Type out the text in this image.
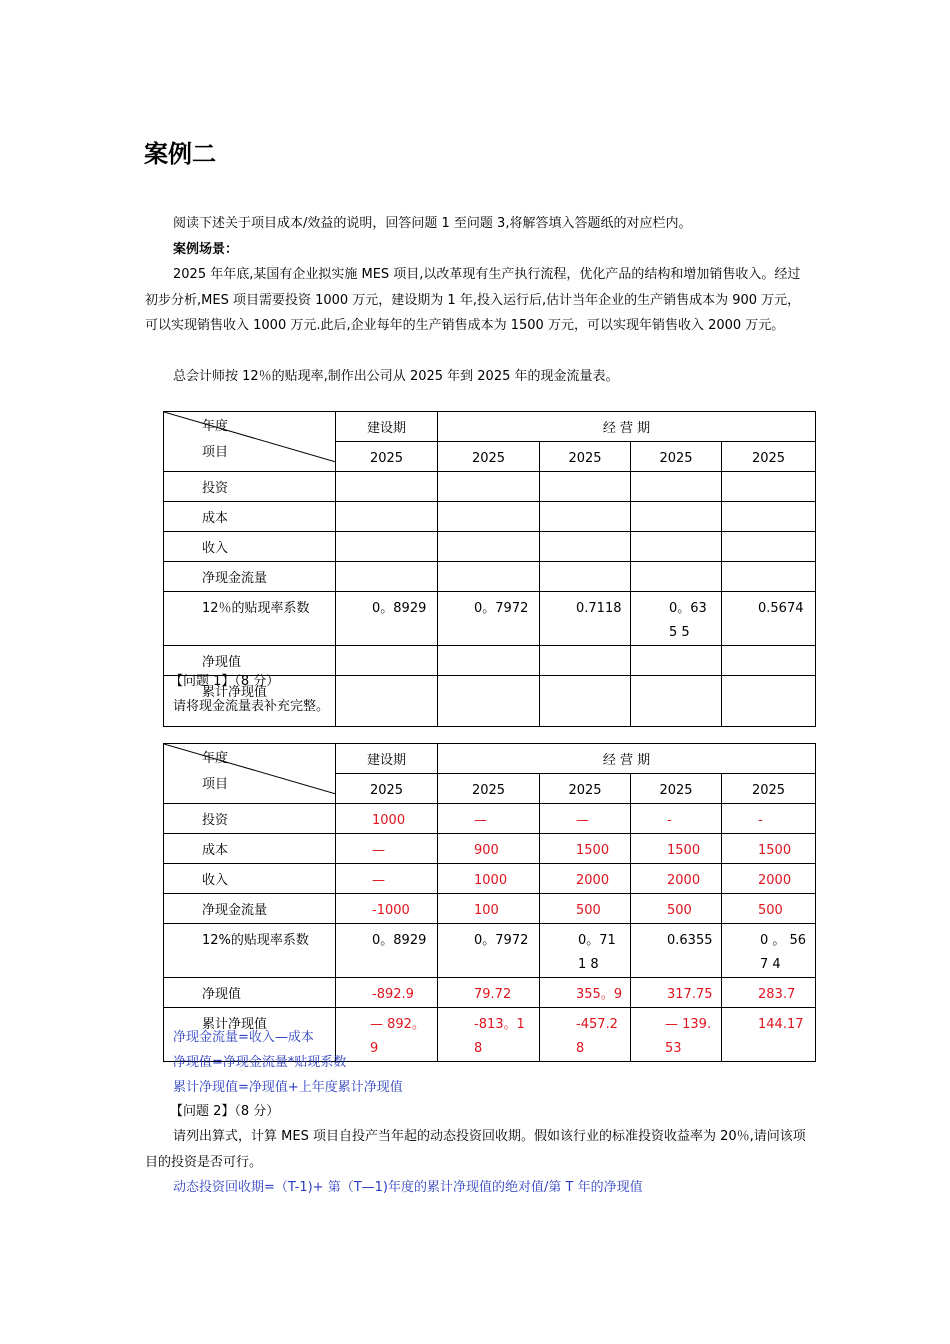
案例二
阅读下述关于项目成本/效益的说明，回答问题 1 至问题 3,将解答填入答题纸的对应栏内。
案例场景：
2025 年年底,某国有企业拟实施 MES 项目,以改革现有生产执行流程，优化产品的结构和增加销售收入。经过初步分析,MES 项目需要投资 1000 万元，建设期为 1 年,投入运行后,估计当年企业的生产销售成本为 900 万元，可以实现销售收入 1000 万元.此后,企业每年的生产销售成本为 1500 万元，可以实现年销售收入 2000 万元。
总会计师按 12％的贴现率,制作出公司从 2025 年到 2025 年的现金流量表。
年度
项目	建设期	经 营 期			

	2025	2025	2025	2025	2025

投资					

成本					

收入					

净现金流量					

12％的贴现率系数	0。8929	0。7972	0.7118	0。635 5	0.5674

净现值					

累计净现值					

【问题 1】（8 分）
请将现金流量表补充完整。
年度
项目	建设期	经 营 期			

	2025	2025	2025	2025	2025

投资	1000	—	—	-	-

成本	—	900	1500	1500	1500

收入	—	1000	2000	2000	2000

净现金流量	-1000	100	500	500	500

12%的贴现率系数	0。8929	0。7972	0。711 8	0.6355	0 。 567 4

净现值	-892.9	79.72	355。9	317.75	283.7

累计净现值	— 892。9	-813。18	-457.28	— 139.53	144.17
净现金流量=收入—成本
净现值=净现金流量*贴现系数
累计净现值=净现值+上年度累计净现值
【问题 2】（8 分）
请列出算式，计算 MES 项目自投产当年起的动态投资回收期。假如该行业的标准投资收益率为 20％,请问该项目的投资是否可行。
动态投资回收期=（T-1)+ 第（T—1)年度的累计净现值的绝对值/第 T 年的净现值
